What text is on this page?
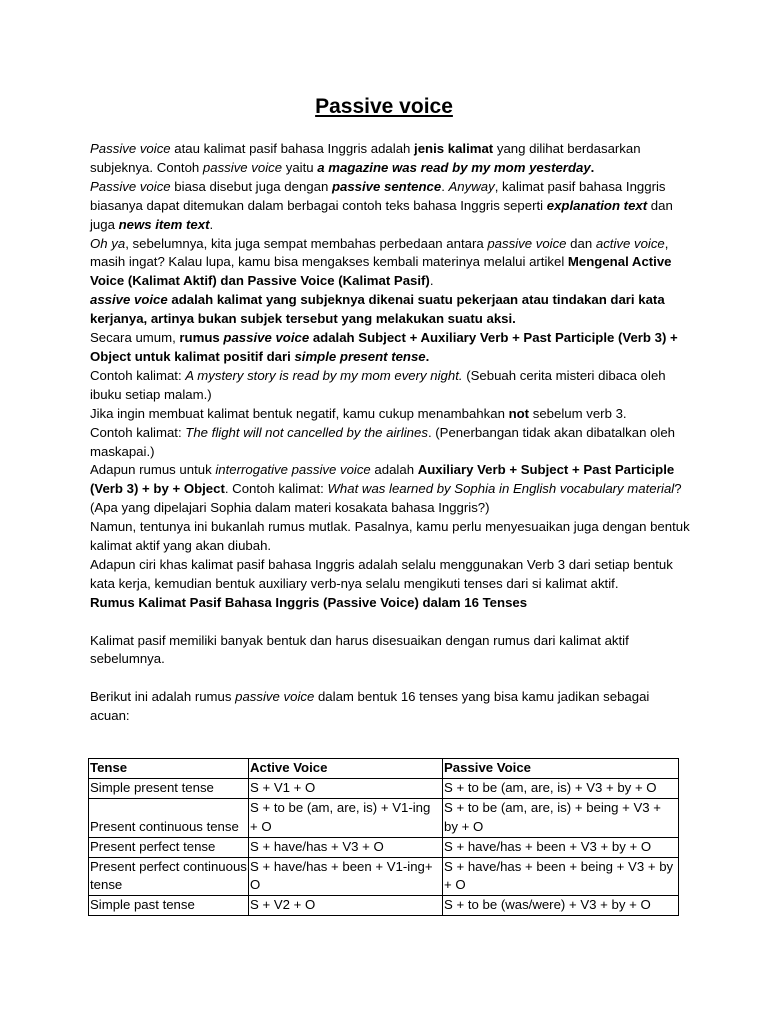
Passive voice

Passive voice atau kalimat pasif bahasa Inggris adalah jenis kalimat yang dilihat berdasarkan subjeknya. Contoh passive voice yaitu a magazine was read by my mom yesterday.

Passive voice biasa disebut juga dengan passive sentence. Anyway, kalimat pasif bahasa Inggris biasanya dapat ditemukan dalam berbagai contoh teks bahasa Inggris seperti explanation text dan juga news item text.

Oh ya, sebelumnya, kita juga sempat membahas perbedaan antara passive voice dan active voice, masih ingat? Kalau lupa, kamu bisa mengakses kembali materinya melalui artikel Mengenal Active Voice (Kalimat Aktif) dan Passive Voice (Kalimat Pasif).

assive voice adalah kalimat yang subjeknya dikenai suatu pekerjaan atau tindakan dari kata kerjanya, artinya bukan subjek tersebut yang melakukan suatu aksi.

Secara umum, rumus passive voice adalah Subject + Auxiliary Verb + Past Participle (Verb 3) + Object untuk kalimat positif dari simple present tense.

Contoh kalimat: A mystery story is read by my mom every night. (Sebuah cerita misteri dibaca oleh ibuku setiap malam.)

Jika ingin membuat kalimat bentuk negatif, kamu cukup menambahkan not sebelum verb 3.

Contoh kalimat: The flight will not cancelled by the airlines. (Penerbangan tidak akan dibatalkan oleh maskapai.)

Adapun rumus untuk interrogative passive voice adalah Auxiliary Verb + Subject + Past Participle (Verb 3) + by + Object. Contoh kalimat: What was learned by Sophia in English vocabulary material? (Apa yang dipelajari Sophia dalam materi kosakata bahasa Inggris?)

Namun, tentunya ini bukanlah rumus mutlak. Pasalnya, kamu perlu menyesuaikan juga dengan bentuk kalimat aktif yang akan diubah.

Adapun ciri khas kalimat pasif bahasa Inggris adalah selalu menggunakan Verb 3 dari setiap bentuk kata kerja, kemudian bentuk auxiliary verb-nya selalu mengikuti tenses dari si kalimat aktif.

Rumus Kalimat Pasif Bahasa Inggris (Passive Voice) dalam 16 Tenses

Kalimat pasif memiliki banyak bentuk dan harus disesuaikan dengan rumus dari kalimat aktif sebelumnya.

Berikut ini adalah rumus passive voice dalam bentuk 16 tenses yang bisa kamu jadikan sebagai acuan:

Tense	Active Voice	Passive Voice
Simple present tense	S + V1 + O	S + to be (am, are, is) + V3 + by + O
Present continuous tense	S + to be (am, are, is) + V1-ing + O	S + to be (am, are, is) + being + V3 + by + O
Present perfect tense	S + have/has + V3 + O	S + have/has + been + V3 + by + O
Present perfect continuous tense	S + have/has + been + V1-ing+ O	S + have/has + been + being + V3 + by + O
Simple past tense	S + V2 + O	S + to be (was/were) + V3 + by + O
